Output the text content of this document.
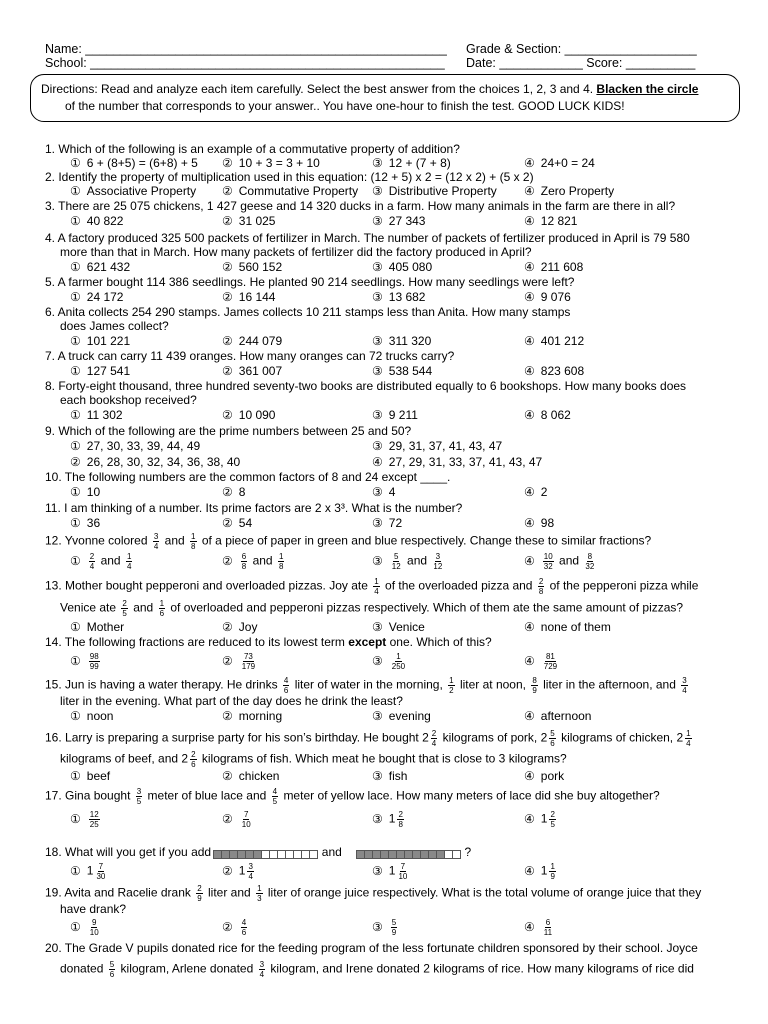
Name: ____________________________________________________
School: ___________________________________________________
Grade & Section: ___________________
Date: ____________ Score: __________
Directions: Read and analyze each item carefully. Select the best answer from the choices 1, 2, 3 and 4. Blacken the circle
of the number that corresponds to your answer.. You have one-hour to finish the test. GOOD LUCK KIDS!
1. Which of the following is an example of a commutative property of addition?
① 6 + (8+5) = (6+8) + 5 ② 10 + 3 = 3 + 10	③ 12 + (7 + 8)	④ 24+0 = 24
2. Identify the property of multiplication used in this equation: (12 + 5) x 2 = (12 x 2) + (5 x 2)
① Associative Property ② Commutative Property ③ Distributive Property ④ Zero Property
3. There are 25 075 chickens, 1 427 geese and 14 320 ducks in a farm. How many animals in the farm are there in all?
① 40 822	② 31 025	③ 27 343	④ 12 821
4. A factory produced 325 500 packets of fertilizer in March. The number of packets of fertilizer produced in April is 79 580
more than that in March. How many packets of fertilizer did the factory produced in April?
① 621 432	② 560 152	③ 405 080	④ 211 608
5. A farmer bought 114 386 seedlings. He planted 90 214 seedlings. How many seedlings were left?
① 24 172	② 16 144	③ 13 682	④ 9 076
6. Anita collects 254 290 stamps. James collects 10 211 stamps less than Anita. How many stamps
does James collect?
① 101 221	② 244 079	③ 311 320	④ 401 212
7. A truck can carry 11 439 oranges. How many oranges can 72 trucks carry?
① 127 541	② 361 007	③ 538 544	④ 823 608
8. Forty-eight thousand, three hundred seventy-two books are distributed equally to 6 bookshops. How many books does
each bookshop received?
① 11 302	② 10 090	③ 9 211	④ 8 062
9. Which of the following are the prime numbers between 25 and 50?
① 27, 30, 33, 39, 44, 49	③ 29, 31, 37, 41, 43, 47
② 26, 28, 30, 32, 34, 36, 38, 40	④ 27, 29, 31, 33, 37, 41, 43, 47
10. The following numbers are the common factors of 8 and 24 except ____.
① 10	② 8	③ 4	④ 2
11. I am thinking of a number. Its prime factors are 2 x 3³. What is the number?
① 36	② 54	③ 72	④ 98
12. Yvonne colored $\frac{3}{4}$ and $\frac{1}{8}$ of a piece of paper in green and blue respectively. Change these to similar fractions?
① $\frac{2}{4}$ and $\frac{1}{4}$	② $\frac{6}{8}$ and $\frac{1}{8}$	③ $\frac{5}{12}$ and $\frac{3}{12}$	④ $\frac{10}{32}$ and $\frac{8}{32}$
13. Mother bought pepperoni and overloaded pizzas. Joy ate $\frac{1}{4}$ of the overloaded pizza and $\frac{2}{8}$ of the pepperoni pizza while
Venice ate $\frac{2}{5}$ and $\frac{1}{6}$ of overloaded and pepperoni pizzas respectively. Which of them ate the same amount of pizzas?
① Mother	② Joy	③ Venice	④ none of them
14. The following fractions are reduced to its lowest term except one. Which of this?
① $\frac{98}{99}$	② $\frac{73}{179}$	③ $\frac{1}{250}$	④ $\frac{81}{729}$
15. Jun is having a water therapy. He drinks $\frac{4}{6}$ liter of water in the morning, $\frac{1}{2}$ liter at noon, $\frac{8}{9}$ liter in the afternoon, and $\frac{3}{4}$
liter in the evening. What part of the day does he drink the least?
① noon	② morning	③ evening	④ afternoon
16. Larry is preparing a surprise party for his son’s birthday. He bought $2 \frac{2}{4}$ kilograms of pork, $2 \frac{5}{6}$ kilograms of chicken, $2 \frac{1}{4}$
kilograms of beef, and $2 \frac{2}{6}$ kilograms of fish. Which meat he bought that is close to 3 kilograms?
① beef	② chicken	③ fish	④ pork
17. Gina bought $\frac{3}{5}$ meter of blue lace and $\frac{4}{5}$ meter of yellow lace. How many meters of lace did she buy altogether?
① $\frac{12}{25}$	② $\frac{7}{10}$	③ $1 \frac{2}{8}$	④ $1 \frac{2}{5}$
18. What will you get if you add	and	?
① $1 \frac{7}{30}$	② $1 \frac{3}{4}$	③ $1 \frac{7}{10}$	④ $1 \frac{1}{9}$
19. Avita and Racelie drank $\frac{2}{9}$ liter and $\frac{1}{3}$ liter of orange juice respectively. What is the total volume of orange juice that they
have drank?
① $\frac{9}{10}$	② $\frac{4}{6}$	③ $\frac{5}{9}$	④ $\frac{6}{11}$
20. The Grade V pupils donated rice for the feeding program of the less fortunate children sponsored by their school. Joyce
donated $\frac{5}{6}$ kilogram, Arlene donated $\frac{3}{4}$ kilogram, and Irene donated 2 kilograms of rice. How many kilograms of rice did
